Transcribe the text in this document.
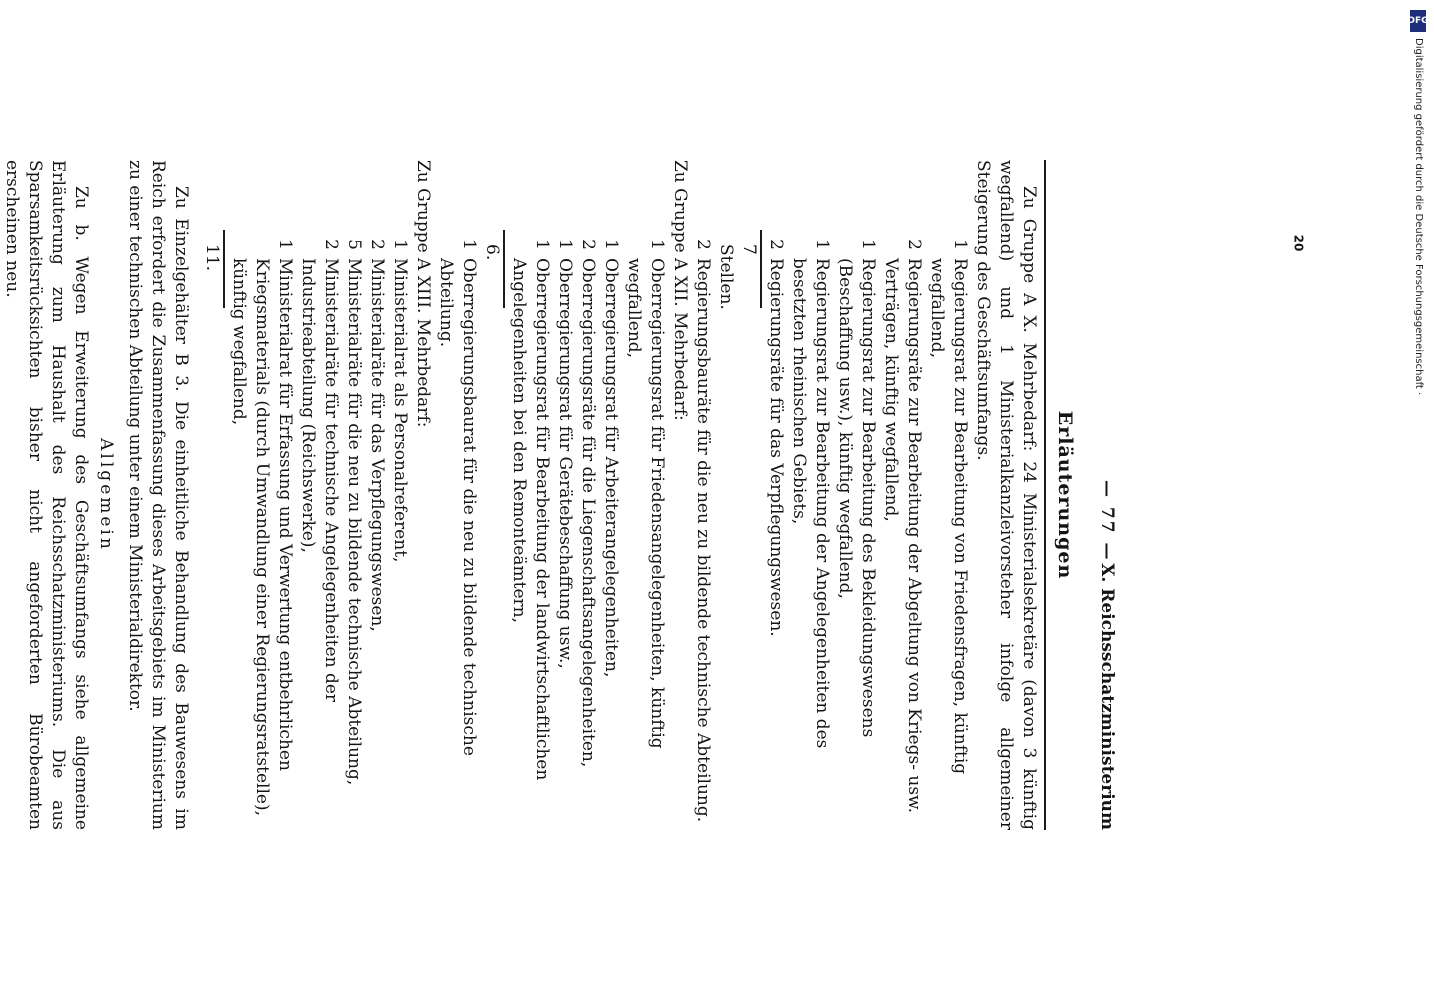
— 77 —
X. Reichsschatzministerium
Erläuterungen

Zu Gruppe A X. Mehrbedarf: 24 Ministerialsekretäre (davon 3 künftig wegfallend) und 1 Ministerialkanzleivorsteher infolge allgemeiner Steigerung des Geschäftsumfangs.

1
Regierungsrat zur Bearbeitung von Friedensfragen, künftig wegfallend,
2
Regierungsräte zur Bearbeitung der Abgeltung von Kriegs- usw. Verträgen, künftig wegfallend,
1
Regierungsrat zur Bearbeitung des Bekleidungswesens (Beschaffung usw.), künftig wegfallend,
1
Regierungsrat zur Bearbeitung der Angelegenheiten des besetzten rheinischen Gebiets,
2
Regierungsräte für das Verpflegungswesen.
7 Stellen.
2
Regierungsbauräte für die neu zu bildende technische Abteilung.

Zu Gruppe A XII. Mehrbedarf:

1
Oberregierungsrat für Friedensangelegenheiten, künftig wegfallend,
1
Oberregierungsrat für Arbeiterangelegenheiten,
2
Oberregierungsräte für die Liegenschaftsangelegenheiten,
1
Oberregierungsrat für Gerätebeschaffung usw.,
1
Oberregierungsrat für Bearbeitung der landwirtschaftlichen Angelegenheiten bei den Remonteämtern,
6.
1
Oberregierungsbaurat für die neu zu bildende technische Abteilung.

Zu Gruppe A XIII. Mehrbedarf:

1
Ministerialrat als Personalreferent,
2
Ministerialräte für das Verpflegungswesen,
5
Ministerialräte für die neu zu bildende technische Abteilung,
2
Ministerialräte für technische Angelegenheiten der Industrieabteilung (Reichswerke),
1
Ministerialrat für Erfassung und Verwertung entbehrlichen Kriegsmaterials (durch Umwandlung einer Regierungsratstelle), künftig wegfallend,
11.

Zu Einzelgehälter B 3. Die einheitliche Behandlung des Bauwesens im Reich erfordert die Zusammenfassung dieses Arbeitsgebiets im Ministerium zu einer technischen Abteilung unter einem Ministerialdirektor.

Allgemein

Zu b. Wegen Erweiterung des Geschäftsumfangs siehe allgemeine Erläuterung zum Haushalt des Reichsschatzministeriums. Die aus Sparsamkeitsrücksichten bisher nicht angeforderten Bürobeamten erscheinen neu.	20
DFG
Digitalisierung gefördert durch die Deutsche Forschungsgemeinschaft ·
